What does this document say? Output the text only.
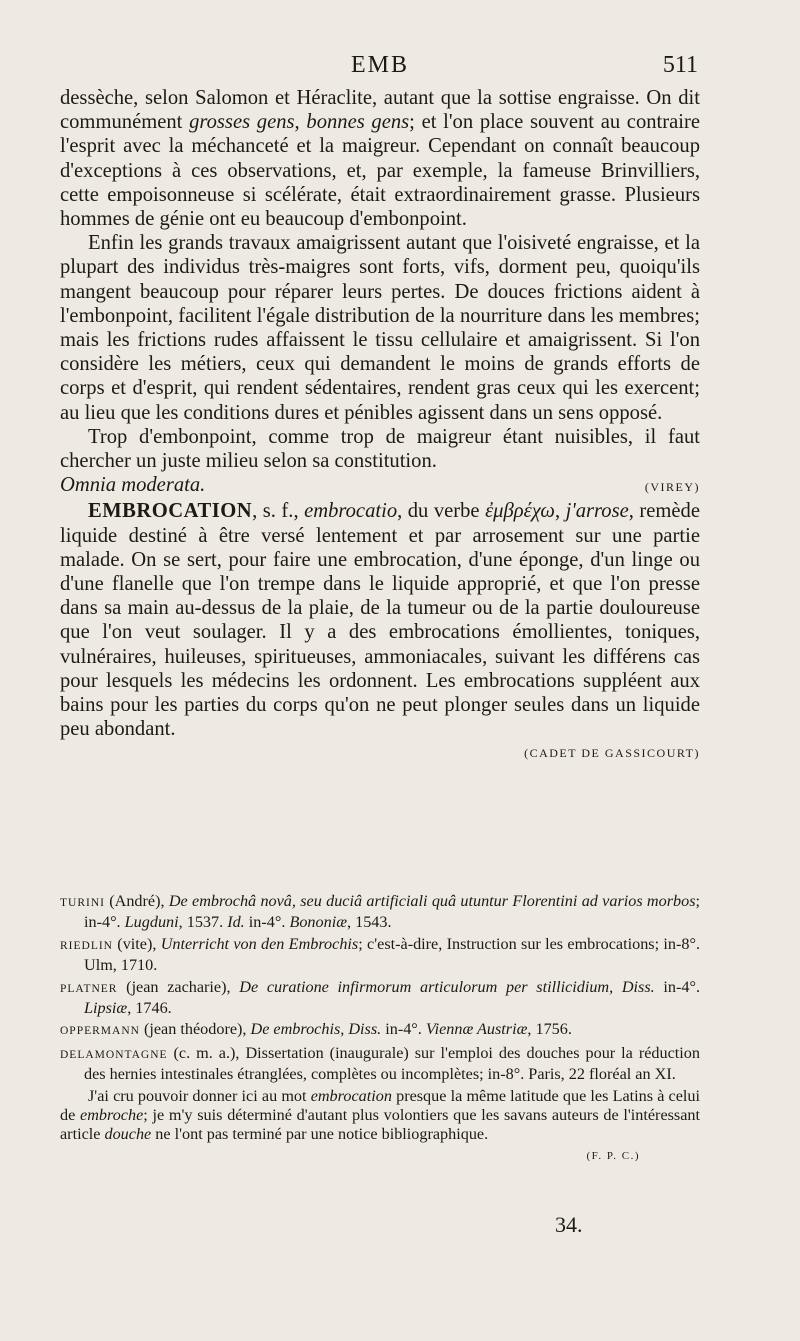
EMB	511

dessèche, selon Salomon et Héraclite, autant que la sottise engraisse. On dit communément grosses gens, bonnes gens; et l'on place souvent au contraire l'esprit avec la méchanceté et la maigreur. Cependant on connaît beaucoup d'exceptions à ces observations, et, par exemple, la fameuse Brinvilliers, cette empoisonneuse si scélérate, était extraordinairement grasse. Plusieurs hommes de génie ont eu beaucoup d'embonpoint.

Enfin les grands travaux amaigrissent autant que l'oisiveté engraisse, et la plupart des individus très-maigres sont forts, vifs, dorment peu, quoiqu'ils mangent beaucoup pour réparer leurs pertes. De douces frictions aident à l'embonpoint, facilitent l'égale distribution de la nourriture dans les membres; mais les frictions rudes affaissent le tissu cellulaire et amaigrissent. Si l'on considère les métiers, ceux qui demandent le moins de grands efforts de corps et d'esprit, qui rendent sédentaires, rendent gras ceux qui les exercent; au lieu que les conditions dures et pénibles agissent dans un sens opposé.

Trop d'embonpoint, comme trop de maigreur étant nuisibles, il faut chercher un juste milieu selon sa constitution.

Omnia moderata.	(VIREY)

EMBROCATION, s. f., embrocatio, du verbe ἐμβρέχω, j'arrose, remède liquide destiné à être versé lentement et par arrosement sur une partie malade. On se sert, pour faire une embrocation, d'une éponge, d'un linge ou d'une flanelle que l'on trempe dans le liquide approprié, et que l'on presse dans sa main au-dessus de la plaie, de la tumeur ou de la partie douloureuse que l'on veut soulager. Il y a des embrocations émollientes, toniques, vulnéraires, huileuses, spiritueuses, ammoniacales, suivant les différens cas pour lesquels les médecins les ordonnent. Les embrocations suppléent aux bains pour les parties du corps qu'on ne peut plonger seules dans un liquide peu abondant.

(CADET DE GASSICOURT)

TURINI (André), De embrochâ novâ, seu duciâ artificiali quâ utuntur Florentini ad varios morbos; in-4°. Lugduni, 1537. Id. in-4°. Bononiæ, 1543.

RIEDLIN (vite), Unterricht von den Embrochis; c'est-à-dire, Instruction sur les embrocations; in-8°. Ulm, 1710.

PLATNER (jean zacharie), De curatione infirmorum articulorum per stillicidium, Diss. in-4°. Lipsiæ, 1746.

OPPERMANN (jean théodore), De embrochis, Diss. in-4°. Viennæ Austriæ, 1756.

DELAMONTAGNE (c. m. a.), Dissertation (inaugurale) sur l'emploi des douches pour la réduction des hernies intestinales étranglées, complètes ou incomplètes; in-8°. Paris, 22 floréal an XI.

J'ai cru pouvoir donner ici au mot embrocation presque la même latitude que les Latins à celui de embroche; je m'y suis déterminé d'autant plus volontiers que les savans auteurs de l'intéressant article douche ne l'ont pas terminé par une notice bibliographique.

(F. P. C.)
34.
